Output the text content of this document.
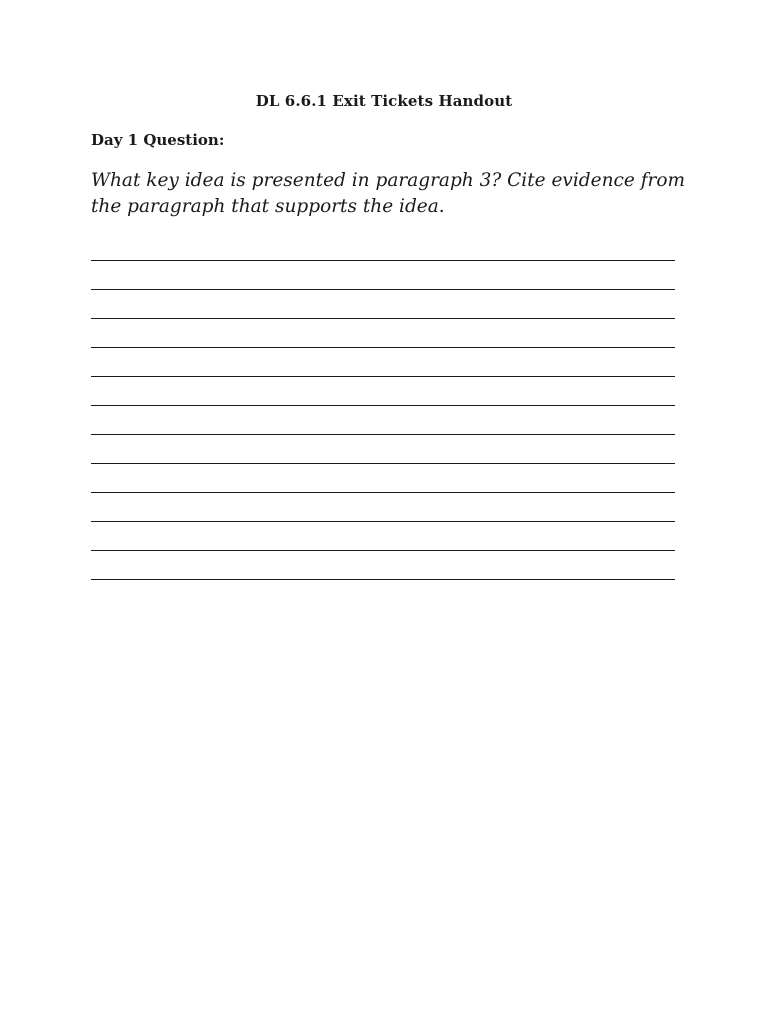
DL 6.6.1 Exit Tickets Handout
Day 1 Question:
What key idea is presented in paragraph 3? Cite evidence from the paragraph that supports the idea.
